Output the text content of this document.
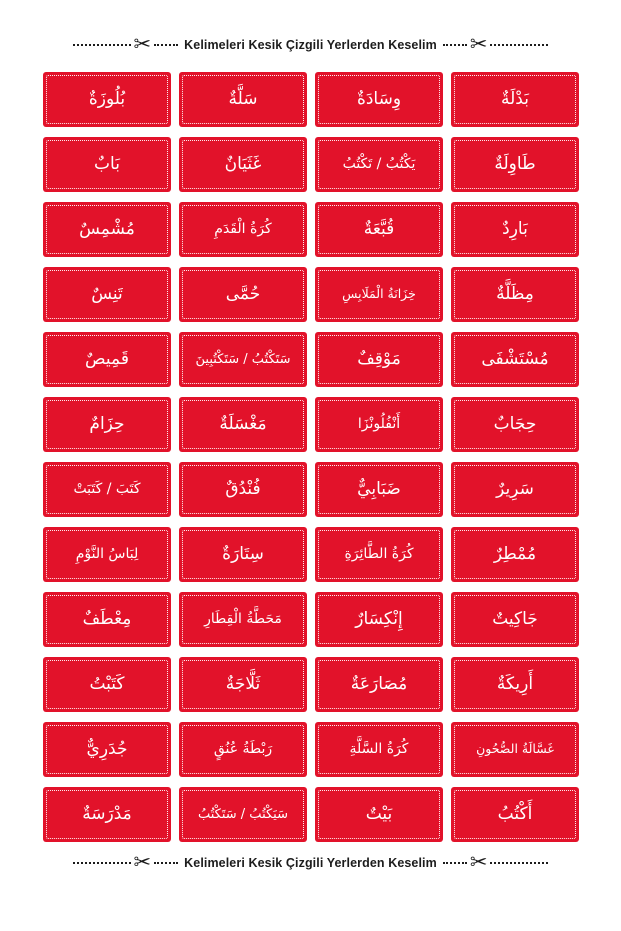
✂	Kelimeleri Kesik Çizgili Yerlerden Keselim ✂
بُلُوزَةٌ	سَلَّةٌ	وِسَادَةٌ	بَدْلَةٌ
بَابٌ	غَثَيَانٌ	يَكْتُبُ / تَكْتُبُ	طَاوِلَةٌ
مُشْمِسٌ	كُرَةُ الْقَدَمِ	قُبَّعَةٌ	بَارِدٌ
تَنِسٌ	حُمَّى	خِزَانَةُ الْمَلَابِسِ	مِظَلَّةٌ
قَمِيصٌ	سَتَكْتُبُ / سَتَكْتُبِينَ	مَوْقِفٌ	مُسْتَشْفَى
حِزَامٌ	مَغْسَلَةٌ	أَنْفُلُونْزَا	حِجَابٌ
كَتَبَ / كَتَبَتْ	فُنْدُقٌ	ضَبَابِيٌّ	سَرِيرٌ
لِبَاسُ النَّوْمِ	سِتَارَةٌ	كُرَةُ الطَّائِرَةِ	مُمْطِرٌ
مِعْطَفٌ	مَحَطَّةُ الْقِطَارِ	إِنْكِسَارٌ	جَاكِيتٌ
كَتَبْتُ	ثَلَّاجَةٌ	مُصَارَعَةٌ	أَرِيكَةٌ
جُدَرِيٌّ	رَبْطَةُ عُنُقٍ	كُرَةُ السَّلَّةِ	غَسَّالَةُ الصُّحُونِ
مَدْرَسَةٌ	سَيَكْتُبُ / سَتَكْتُبُ	بَيْتٌ	أَكْتُبُ
✂	Kelimeleri Kesik Çizgili Yerlerden Keselim ✂
